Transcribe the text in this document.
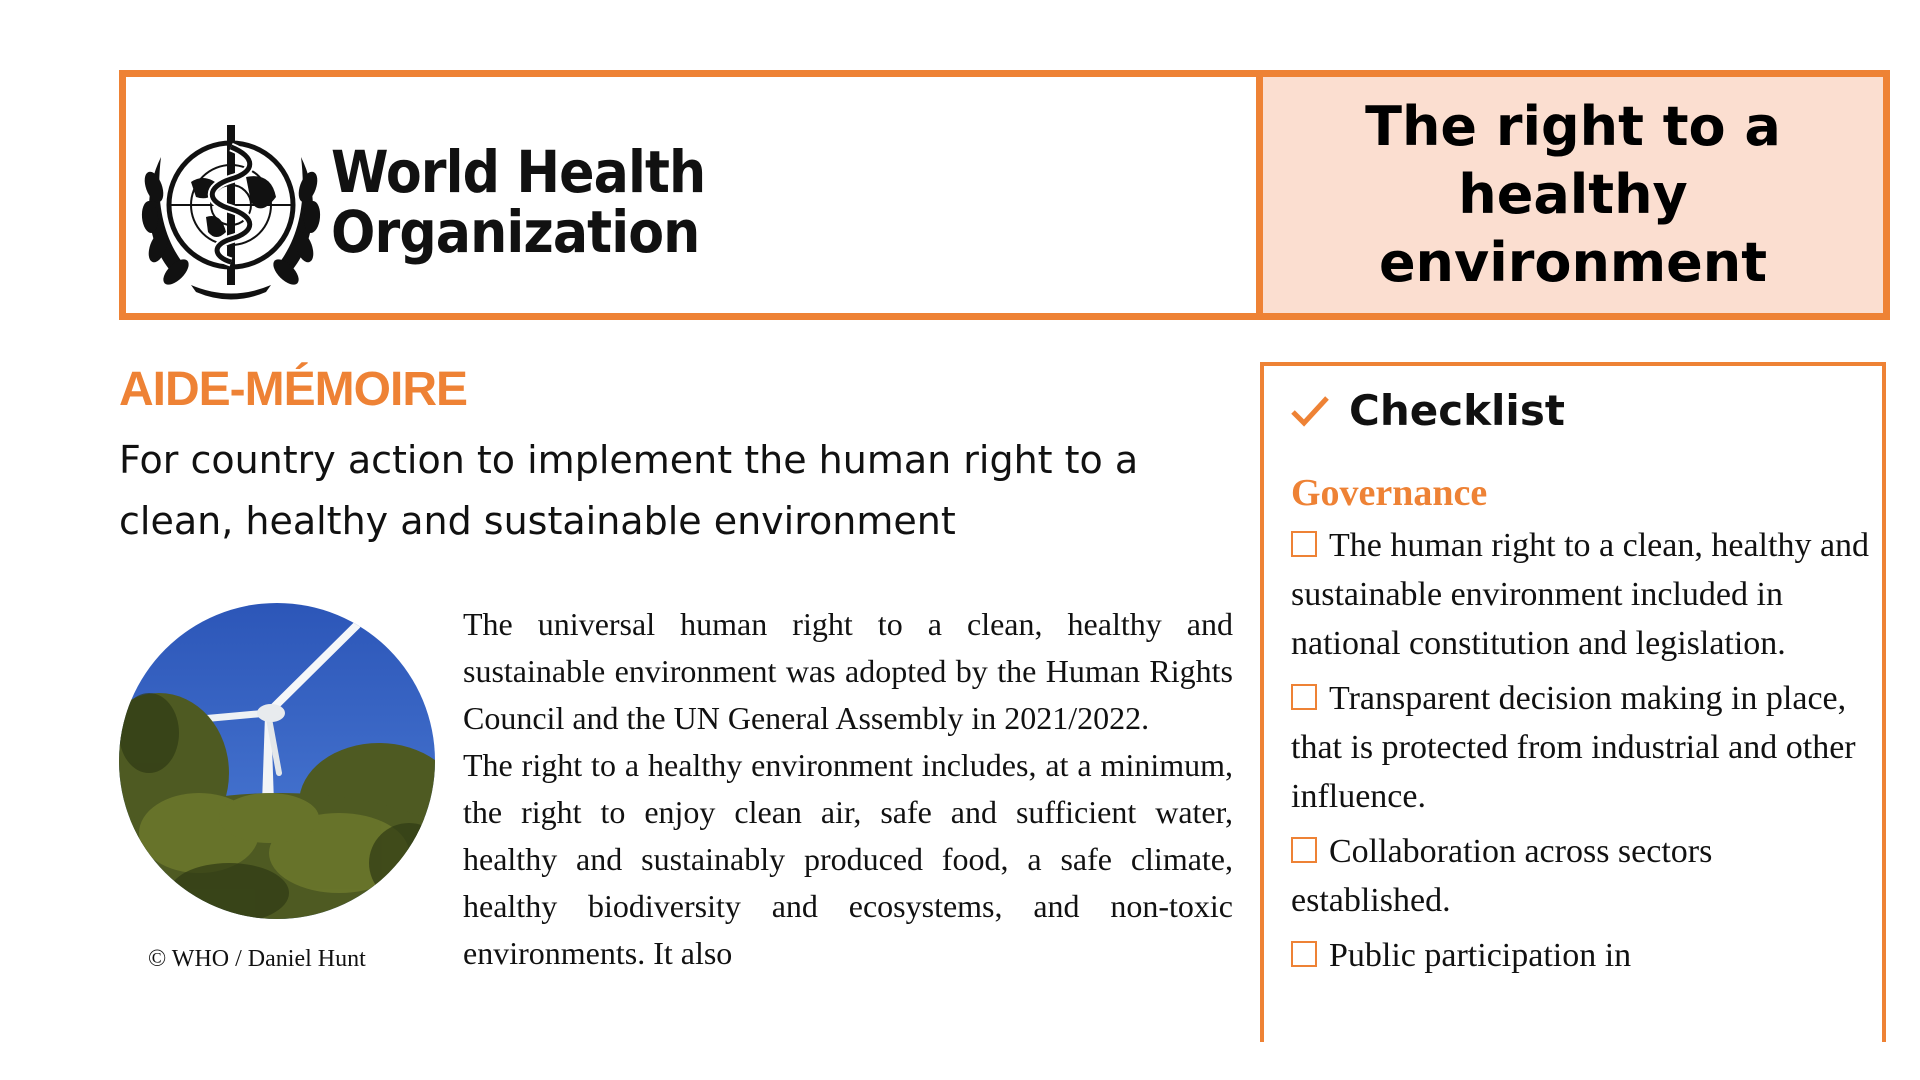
World Health
Organization
The right to a healthy environment
AIDE-MÉMOIRE
For country action to implement the human right to a clean, healthy and sustainable environment
© WHO / Daniel Hunt

The universal human right to a clean, healthy and sustainable environment was adopted by the Human Rights Council and the UN General Assembly in 2021/2022.

The right to a healthy environment includes, at a minimum, the right to enjoy clean air, safe and sufficient water, healthy and sustainably produced food, a safe climate, healthy biodiversity and ecosystems, and non-toxic environments. It also

Checklist
Governance
The human right to a clean, healthy and sustainable environment included in national constitution and legislation.
Transparent decision making in place, that is protected from industrial and other influence.
Collaboration across sectors established.
Public participation in
